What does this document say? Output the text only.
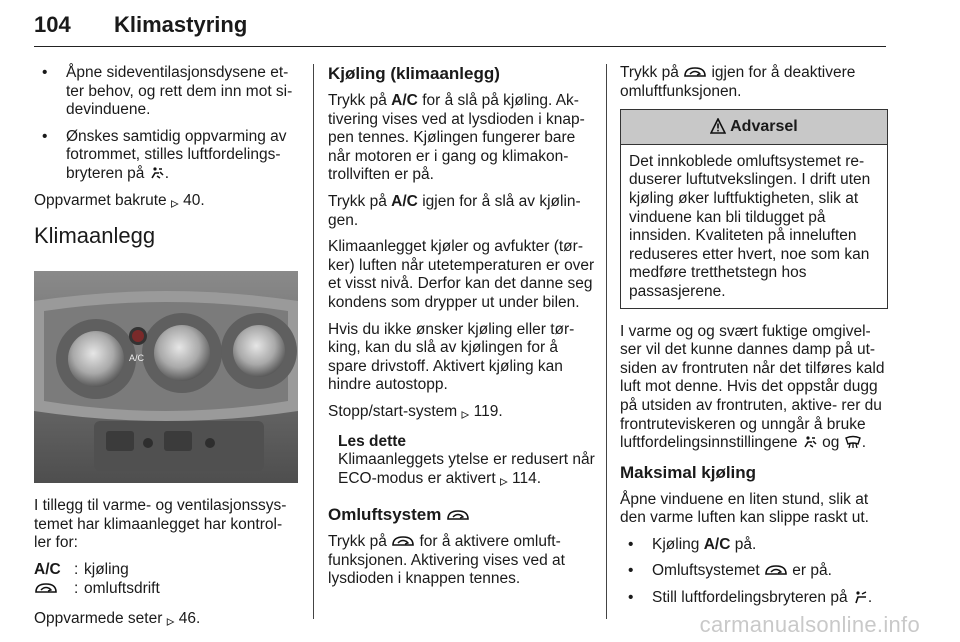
104 Klimastyring
• Åpne sideventilasjonsdysene et- ter behov, og rett dem inn mot si- devinduene.
• Ønskes samtidig oppvarming av fotrommet, stilles luftfordelings- bryteren på .

Oppvarmet bakrute ▹ 40.

Klimaanlegg
A/C

I tillegg til varme- og ventilasjonssys- temet har klimaanlegget har kontrol- ler for:

A/C : kjøling
: omluftsdrift

Oppvarmede seter ▹ 46.

Kjøling (klimaanlegg)

Trykk på A/C for å slå på kjøling. Ak- tivering vises ved at lysdioden i knap- pen tennes. Kjølingen fungerer bare når motoren er i gang og klimakon- trollviften er på.

Trykk på A/C igjen for å slå av kjølin- gen.

Klimaanlegget kjøler og avfukter (tør- ker) luften når utetemperaturen er over et visst nivå. Derfor kan det danne seg kondens som drypper ut under bilen.

Hvis du ikke ønsker kjøling eller tør- king, kan du slå av kjølingen for å spare drivstoff. Aktivert kjøling kan hindre autostopp.

Stopp/start-system ▹ 119.

Les dette
Klimaanleggets ytelse er redusert når ECO-modus er aktivert ▹ 114.
Omluftsystem

Trykk på for å aktivere omluft- funksjonen. Aktivering vises ved at lysdioden i knappen tennes.

Trykk på igjen for å deaktivere omluftfunksjonen.

Advarsel
Det innkoblede omluftsystemet re- duserer luftutvekslingen. I drift uten kjøling øker luftfuktigheten, slik at vinduene kan bli tildugget på innsiden. Kvaliteten på inneluften reduseres etter hvert, noe som kan medføre tretthetstegn hos passasjerene.

I varme og og svært fuktige omgivel- ser vil det kunne dannes damp på ut- siden av frontruten når det tilføres kald luft mot denne. Hvis det oppstår dugg på utsiden av frontruten, aktive- rer du frontruteviskeren og unngår å bruke luftfordelingsinnstillingene og .

Maksimal kjøling

Åpne vinduene en liten stund, slik at den varme luften kan slippe raskt ut.

• Kjøling A/C på.
• Omluftsystemet er på.
• Still luftfordelingsbryteren på .
carmanualsonline.info
